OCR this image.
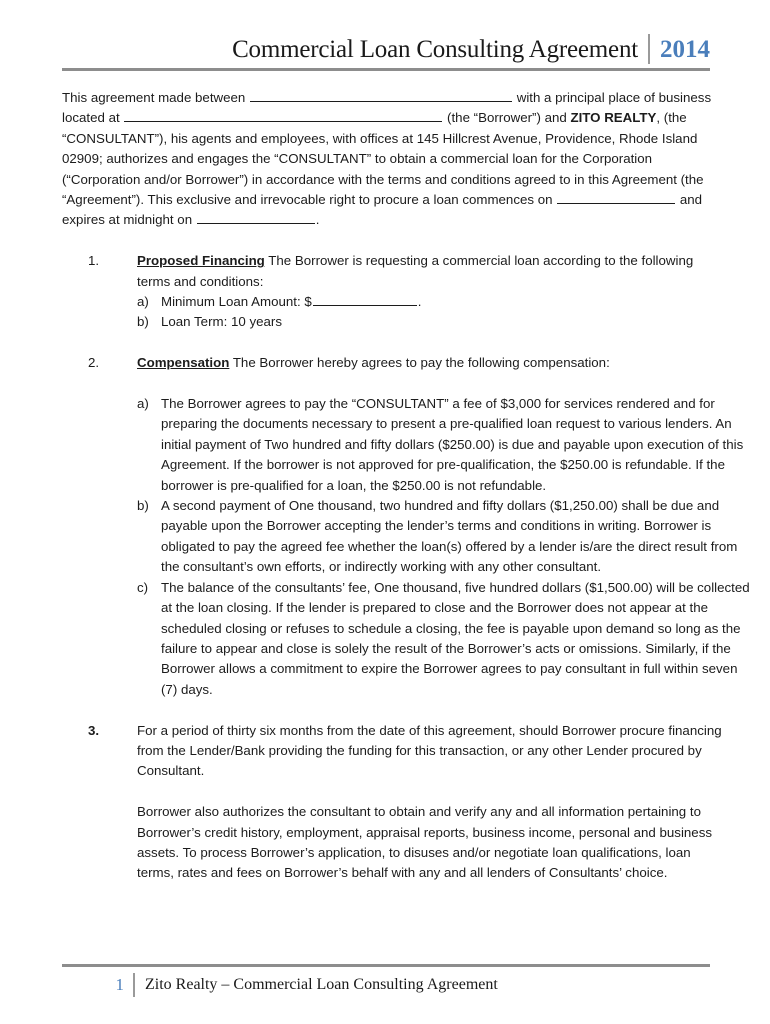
Commercial Loan Consulting Agreement 2014

This agreement made between	with a principal place of business located at	(the “Borrower”) and ZITO REALTY, (the “CONSULTANT”), his agents and employees, with offices at 145 Hillcrest Avenue, Providence, Rhode Island 02909; authorizes and engages the “CONSULTANT” to obtain a commercial loan for the Corporation (“Corporation and/or Borrower”) in accordance with the terms and conditions agreed to in this Agreement (the “Agreement”). This exclusive and irrevocable right to procure a loan commences on	and expires at midnight on	.

1.	Proposed Financing The Borrower is requesting a commercial loan according to the following terms and conditions:
a) Minimum Loan Amount: $	.
b) Loan Term: 10 years
2.	Compensation The Borrower hereby agrees to pay the following compensation:
a) The Borrower agrees to pay the “CONSULTANT” a fee of $3,000 for services rendered and for preparing the documents necessary to present a pre-qualified loan request to various lenders. An initial payment of Two hundred and fifty dollars ($250.00) is due and payable upon execution of this Agreement. If the borrower is not approved for pre-qualification, the $250.00 is refundable. If the borrower is pre-qualified for a loan, the $250.00 is not refundable.
b) A second payment of One thousand, two hundred and fifty dollars ($1,250.00) shall be due and payable upon the Borrower accepting the lender’s terms and conditions in writing. Borrower is obligated to pay the agreed fee whether the loan(s) offered by a lender is/are the direct result from the consultant’s own efforts, or indirectly working with any other consultant.
c) The balance of the consultants’ fee, One thousand, five hundred dollars ($1,500.00) will be collected at the loan closing. If the lender is prepared to close and the Borrower does not appear at the scheduled closing or refuses to schedule a closing, the fee is payable upon demand so long as the failure to appear and close is solely the result of the Borrower’s acts or omissions. Similarly, if the Borrower allows a commitment to expire the Borrower agrees to pay consultant in full within seven (7) days.
3.	For a period of thirty six months from the date of this agreement, should Borrower procure financing from the Lender/Bank providing the funding for this transaction, or any other Lender procured by Consultant.
Borrower also authorizes the consultant to obtain and verify any and all information pertaining to Borrower’s credit history, employment, appraisal reports, business income, personal and business assets. To process Borrower’s application, to disuses and/or negotiate loan qualifications, loan terms, rates and fees on Borrower’s behalf with any and all lenders of Consultants’ choice.
1	Zito Realty – Commercial Loan Consulting Agreement
